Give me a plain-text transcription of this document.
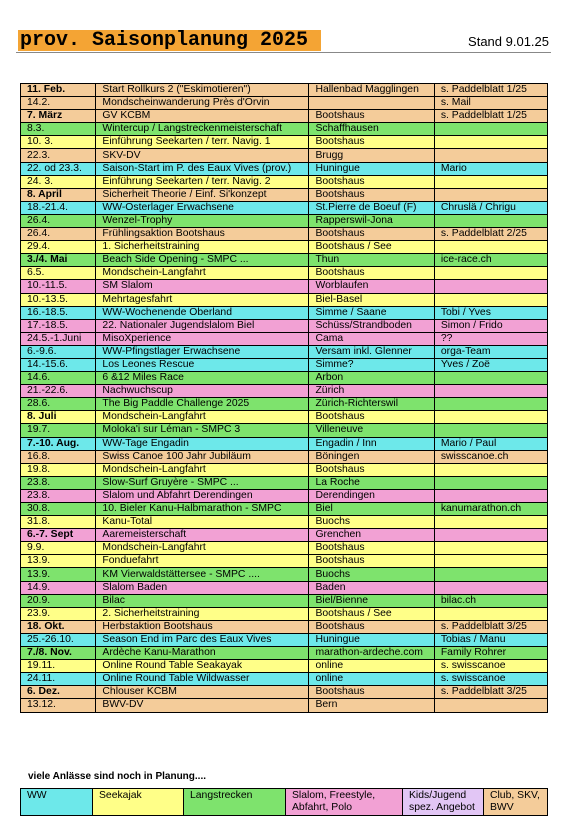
prov. Saisonplanung 2025	Stand 9.01.25
11. Feb.	Start Rollkurs 2 ("Eskimotieren")	Hallenbad Magglingen	s. Paddelblatt 1/25
14.2.	Mondscheinwanderung Près d'Orvin		s. Mail
7. März	GV KCBM	Bootshaus	s. Paddelblatt 1/25
8.3.	Wintercup / Langstreckenmeisterschaft	Schaffhausen	
10. 3.	Einführung Seekarten / terr. Navig. 1	Bootshaus	
22.3.	SKV-DV	Brugg	
22. od 23.3.	Saison-Start im P. des Eaux Vives (prov.)	Huningue	Mario
24. 3.	Einführung Seekarten / terr. Navig. 2	Bootshaus	
8. April	Sicherheit Theorie / Einf. Si'konzept	Bootshaus	
18.-21.4.	WW-Osterlager Erwachsene	St.Pierre de Boeuf (F)	Chruslä / Chrigu
26.4.	Wenzel-Trophy	Rapperswil-Jona	
26.4.	Frühlingsaktion Bootshaus	Bootshaus	s. Paddelblatt 2/25
29.4.	1. Sicherheitstraining	Bootshaus / See	
3./4. Mai	Beach Side Opening - SMPC ...	Thun	ice-race.ch
6.5.	Mondschein-Langfahrt	Bootshaus	
10.-11.5.	SM Slalom	Worblaufen	
10.-13.5.	Mehrtagesfahrt	Biel-Basel	
16.-18.5.	WW-Wochenende Oberland	Simme / Saane	Tobi / Yves
17.-18.5.	22. Nationaler Jugendslalom Biel	Schüss/Strandboden	Simon / Frido
24.5.-1.Juni	MisoXperience	Cama	??
6.-9.6.	WW-Pfingstlager Erwachsene	Versam inkl. Glenner	orga-Team
14.-15.6.	Los Leones Rescue	Simme?	Yves / Zoë
14.6.	6 &12 Miles Race	Arbon	
21.-22.6.	Nachwuchscup	Zürich	
28.6.	The Big Paddle Challenge 2025	Zürich-Richterswil	
8. Juli	Mondschein-Langfahrt	Bootshaus	
19.7.	Moloka'i sur Léman - SMPC 3	Villeneuve	
7.-10. Aug.	WW-Tage Engadin	Engadin / Inn	Mario / Paul
16.8.	Swiss Canoe 100 Jahr Jubiläum	Böningen	swisscanoe.ch
19.8.	Mondschein-Langfahrt	Bootshaus	
23.8.	Slow-Surf Gruyère - SMPC ...	La Roche	
23.8.	Slalom und Abfahrt Derendingen	Derendingen	
30.8.	10. Bieler Kanu-Halbmarathon - SMPC	Biel	kanumarathon.ch
31.8.	Kanu-Total	Buochs	
6.-7. Sept	Aaremeisterschaft	Grenchen	
9.9.	Mondschein-Langfahrt	Bootshaus	
13.9.	Fonduefahrt	Bootshaus	
13.9.	KM Vierwaldstättersee - SMPC ....	Buochs	
14.9.	Slalom Baden	Baden	
20.9.	Bilac	Biel/Bienne	bilac.ch
23.9.	2. Sicherheitstraining	Bootshaus / See	
18. Okt.	Herbstaktion Bootshaus	Bootshaus	s. Paddelblatt 3/25
25.-26.10.	Season End im Parc des Eaux Vives	Huningue	Tobias / Manu
7./8. Nov.	Ardèche Kanu-Marathon	marathon-ardeche.com	Family Rohrer
19.11.	Online Round Table Seakayak	online	s. swisscanoe
24.11.	Online Round Table Wildwasser	online	s. swisscanoe
6. Dez.	Chlouser KCBM	Bootshaus	s. Paddelblatt 3/25
13.12.	BWV-DV	Bern	
viele Anlässe sind noch in Planung....
WW	Seekajak	Langstrecken	Slalom, Freestyle, Abfahrt, Polo	Kids/Jugend spez. Angebot	Club, SKV, BWV
